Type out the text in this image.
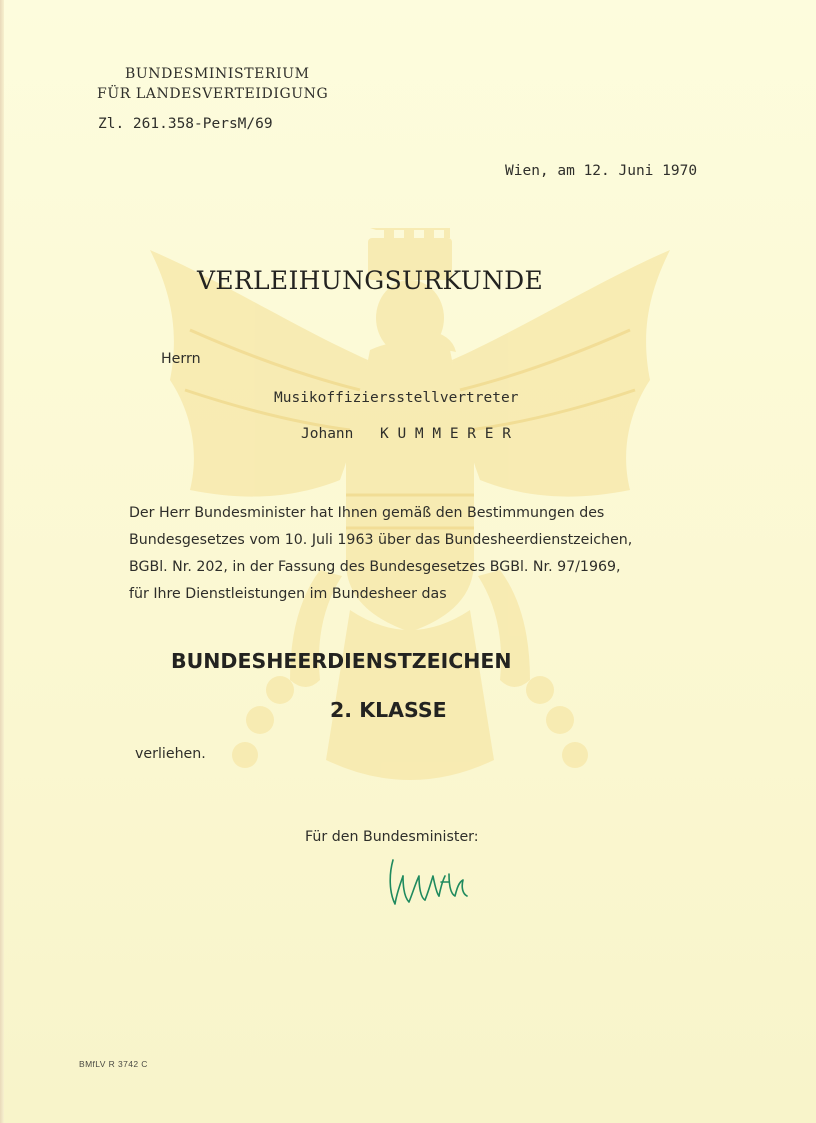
BUNDESMINISTERIUM
FÜR LANDESVERTEIDIGUNG
Zl. 261.358-PersM/69
Wien, am 12. Juni 1970
VERLEIHUNGSURKUNDE
Herrn
Musikoffiziersstellvertreter
Johann K U M M E R E R
Der Herr Bundesminister hat Ihnen gemäß den Bestimmungen des
Bundesgesetzes vom 10. Juli 1963 über das Bundesheerdienstzeichen,
BGBl. Nr. 202, in der Fassung des Bundesgesetzes BGBl. Nr. 97/1969,
für Ihre Dienstleistungen im Bundesheer das
BUNDESHEERDIENSTZEICHEN
2. KLASSE
verliehen.
Für den Bundesminister:
BMfLV R 3742 C
